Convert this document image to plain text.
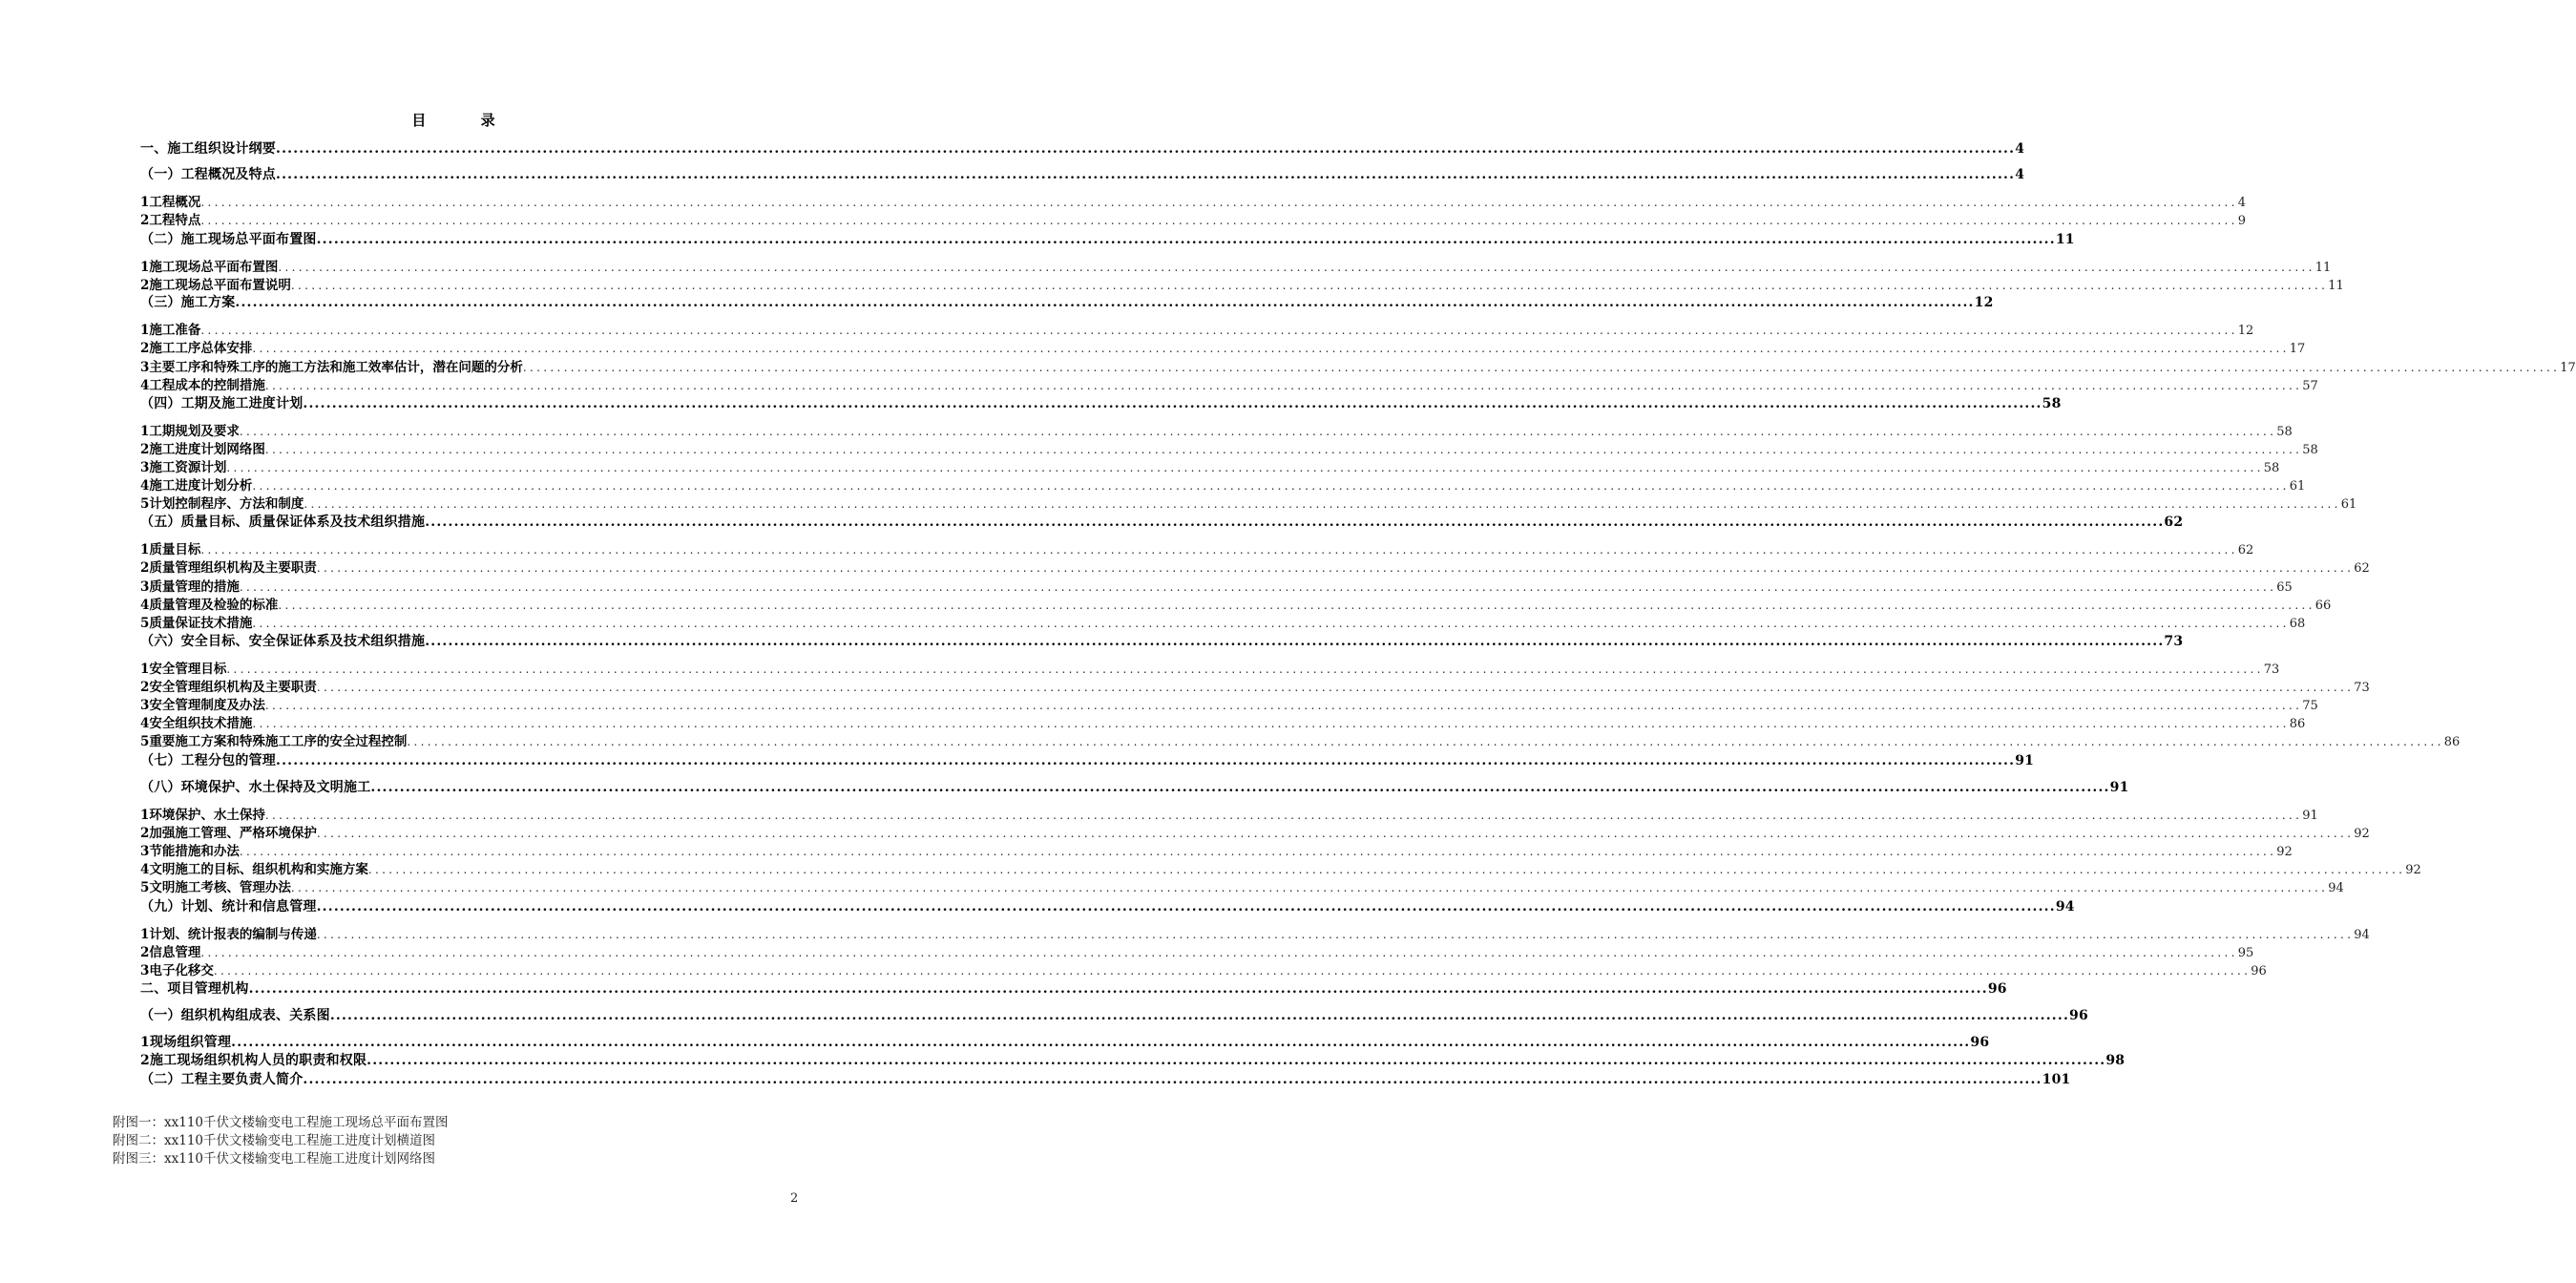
目 录
一、施工组织设计纲要 ............................................................................................................................................................................................................................................................................................................ 4
（一）工程概况及特点 ............................................................................................................................................................................................................................................................................................................ 4
1工程概况 ............................................................................................................................................................................................................................................................................................................ 4
2工程特点 ............................................................................................................................................................................................................................................................................................................ 9
（二）施工现场总平面布置图 ............................................................................................................................................................................................................................................................................................................ 11
1施工现场总平面布置图 ............................................................................................................................................................................................................................................................................................................ 11
2施工现场总平面布置说明 ............................................................................................................................................................................................................................................................................................................ 11
（三）施工方案 ............................................................................................................................................................................................................................................................................................................ 12
1施工准备 ............................................................................................................................................................................................................................................................................................................ 12
2施工工序总体安排 ............................................................................................................................................................................................................................................................................................................ 17
3主要工序和特殊工序的施工方法和施工效率估计，潜在问题的分析 ............................................................................................................................................................................................................................................................................................................ 17
4工程成本的控制措施 ............................................................................................................................................................................................................................................................................................................ 57
（四）工期及施工进度计划 ............................................................................................................................................................................................................................................................................................................ 58
1工期规划及要求 ............................................................................................................................................................................................................................................................................................................ 58
2施工进度计划网络图 ............................................................................................................................................................................................................................................................................................................ 58
3施工资源计划 ............................................................................................................................................................................................................................................................................................................ 58
4施工进度计划分析 ............................................................................................................................................................................................................................................................................................................ 61
5计划控制程序、方法和制度 ............................................................................................................................................................................................................................................................................................................ 61
（五）质量目标、质量保证体系及技术组织措施 ............................................................................................................................................................................................................................................................................................................ 62
1质量目标 ............................................................................................................................................................................................................................................................................................................ 62
2质量管理组织机构及主要职责 ............................................................................................................................................................................................................................................................................................................ 62
3质量管理的措施 ............................................................................................................................................................................................................................................................................................................ 65
4质量管理及检验的标准 ............................................................................................................................................................................................................................................................................................................ 66
5质量保证技术措施 ............................................................................................................................................................................................................................................................................................................ 68
（六）安全目标、安全保证体系及技术组织措施 ............................................................................................................................................................................................................................................................................................................ 73
1安全管理目标 ............................................................................................................................................................................................................................................................................................................ 73
2安全管理组织机构及主要职责 ............................................................................................................................................................................................................................................................................................................ 73
3安全管理制度及办法 ............................................................................................................................................................................................................................................................................................................ 75
4安全组织技术措施 ............................................................................................................................................................................................................................................................................................................ 86
5重要施工方案和特殊施工工序的安全过程控制 ............................................................................................................................................................................................................................................................................................................ 86
（七）工程分包的管理 ............................................................................................................................................................................................................................................................................................................ 91
（八）环境保护、水土保持及文明施工 ............................................................................................................................................................................................................................................................................................................ 91
1环境保护、水土保持 ............................................................................................................................................................................................................................................................................................................ 91
2加强施工管理、严格环境保护 ............................................................................................................................................................................................................................................................................................................ 92
3节能措施和办法 ............................................................................................................................................................................................................................................................................................................ 92
4文明施工的目标、组织机构和实施方案 ............................................................................................................................................................................................................................................................................................................ 92
5文明施工考核、管理办法 ............................................................................................................................................................................................................................................................................................................ 94
（九）计划、统计和信息管理 ............................................................................................................................................................................................................................................................................................................ 94
1计划、统计报表的编制与传递 ............................................................................................................................................................................................................................................................................................................ 94
2信息管理 ............................................................................................................................................................................................................................................................................................................ 95
3电子化移交 ............................................................................................................................................................................................................................................................................................................ 96
二、项目管理机构 ............................................................................................................................................................................................................................................................................................................ 96
（一）组织机构组成表、关系图 ............................................................................................................................................................................................................................................................................................................ 96
1现场组织管理 ............................................................................................................................................................................................................................................................................................................ 96
2施工现场组织机构人员的职责和权限 ............................................................................................................................................................................................................................................................................................................ 98
（二）工程主要负责人简介 ............................................................................................................................................................................................................................................................................................................ 101
附图一：xx110千伏文楼输变电工程施工现场总平面布置图
附图二：xx110千伏文楼输变电工程施工进度计划横道图
附图三：xx110千伏文楼输变电工程施工进度计划网络图
2
